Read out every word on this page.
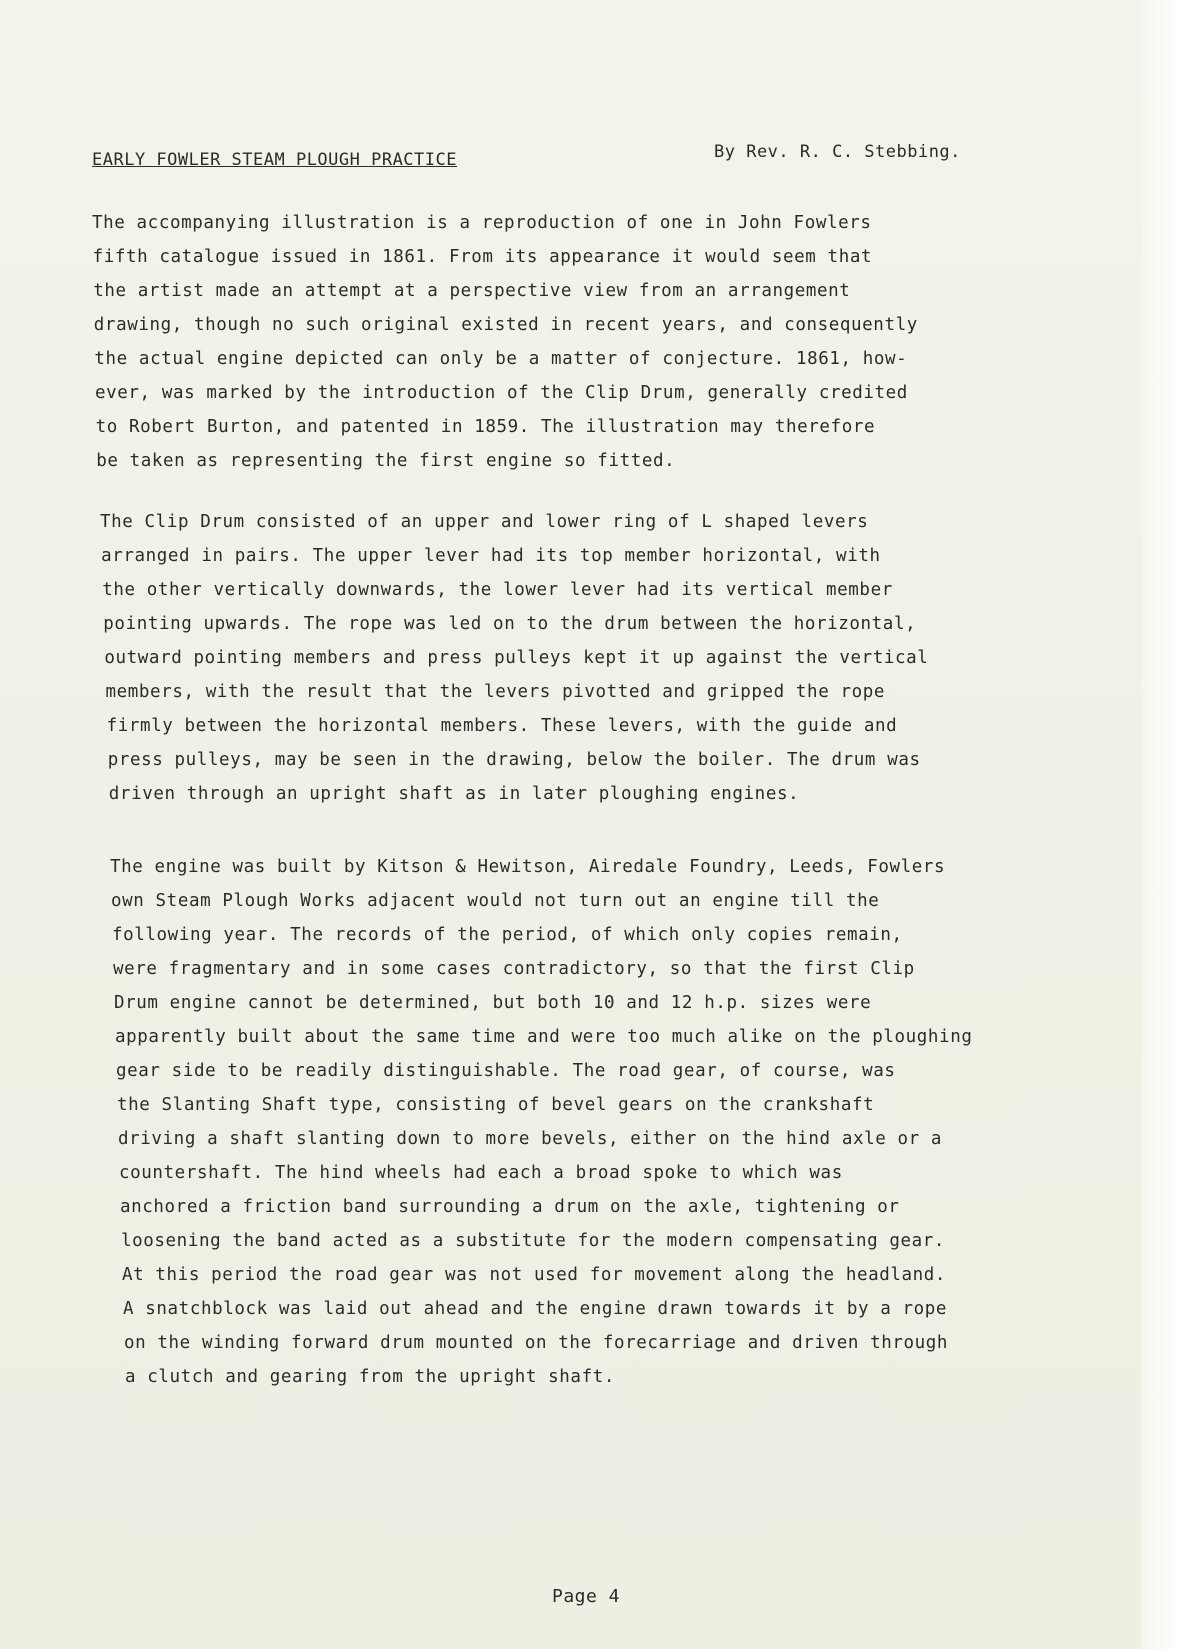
EARLY FOWLER STEAM PLOUGH PRACTICE	By Rev. R. C. Stebbing.
The accompanying illustration is a reproduction of one in John Fowlers
fifth catalogue issued in 1861. From its appearance it would seem that
the artist made an attempt at a perspective view from an arrangement
drawing, though no such original existed in recent years, and consequently
the actual engine depicted can only be a matter of conjecture. 1861, how-
ever, was marked by the introduction of the Clip Drum, generally credited
to Robert Burton, and patented in 1859. The illustration may therefore
be taken as representing the first engine so fitted.
The Clip Drum consisted of an upper and lower ring of L shaped levers
arranged in pairs. The upper lever had its top member horizontal, with
the other vertically downwards, the lower lever had its vertical member
pointing upwards. The rope was led on to the drum between the horizontal,
outward pointing members and press pulleys kept it up against the vertical
members, with the result that the levers pivotted and gripped the rope
firmly between the horizontal members. These levers, with the guide and
press pulleys, may be seen in the drawing, below the boiler. The drum was
driven through an upright shaft as in later ploughing engines.
The engine was built by Kitson & Hewitson, Airedale Foundry, Leeds, Fowlers
own Steam Plough Works adjacent would not turn out an engine till the
following year. The records of the period, of which only copies remain,
were fragmentary and in some cases contradictory, so that the first Clip
Drum engine cannot be determined, but both 10 and 12 h.p. sizes were
apparently built about the same time and were too much alike on the ploughing
gear side to be readily distinguishable. The road gear, of course, was
the Slanting Shaft type, consisting of bevel gears on the crankshaft
driving a shaft slanting down to more bevels, either on the hind axle or a
countershaft. The hind wheels had each a broad spoke to which was
anchored a friction band surrounding a drum on the axle, tightening or
loosening the band acted as a substitute for the modern compensating gear.
At this period the road gear was not used for movement along the headland.
A snatchblock was laid out ahead and the engine drawn towards it by a rope
on the winding forward drum mounted on the forecarriage and driven through
a clutch and gearing from the upright shaft.
Page 4
